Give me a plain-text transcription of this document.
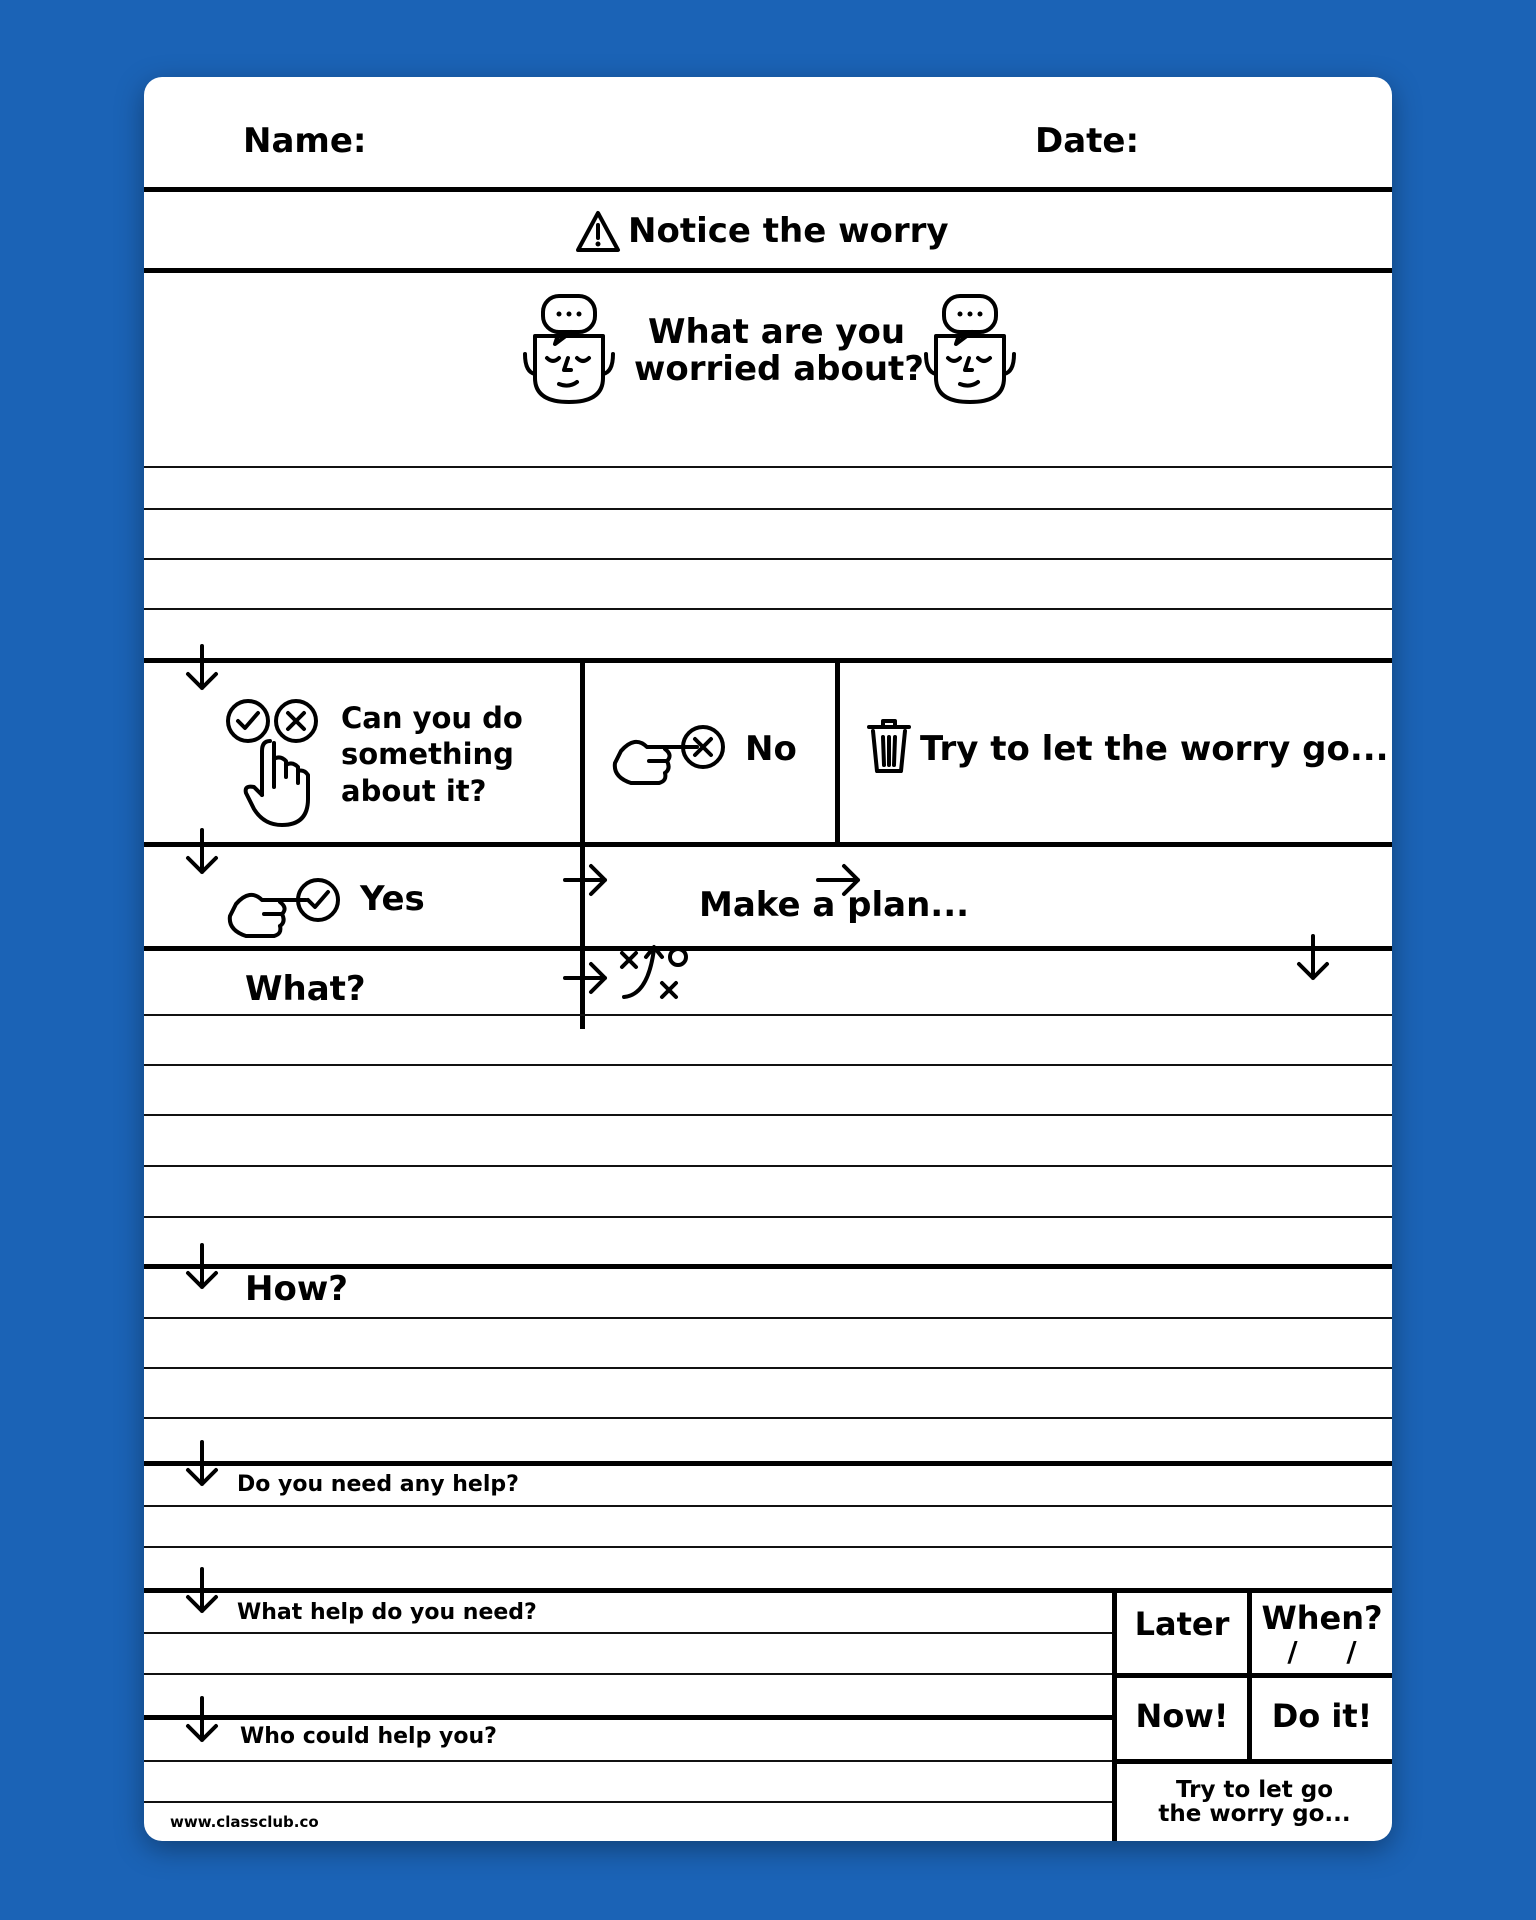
Name:	Date:
Notice the worry
What are you
worried about?
Can you do
something
about it?
No	Try to let the worry go...
Yes	Make a plan...
What?
How?
Do you need any help?
What help do you need?
Who could help you?
www.classclub.co
Later	When?
/     /
Now!	Do it!
Try to let go
the worry go...
